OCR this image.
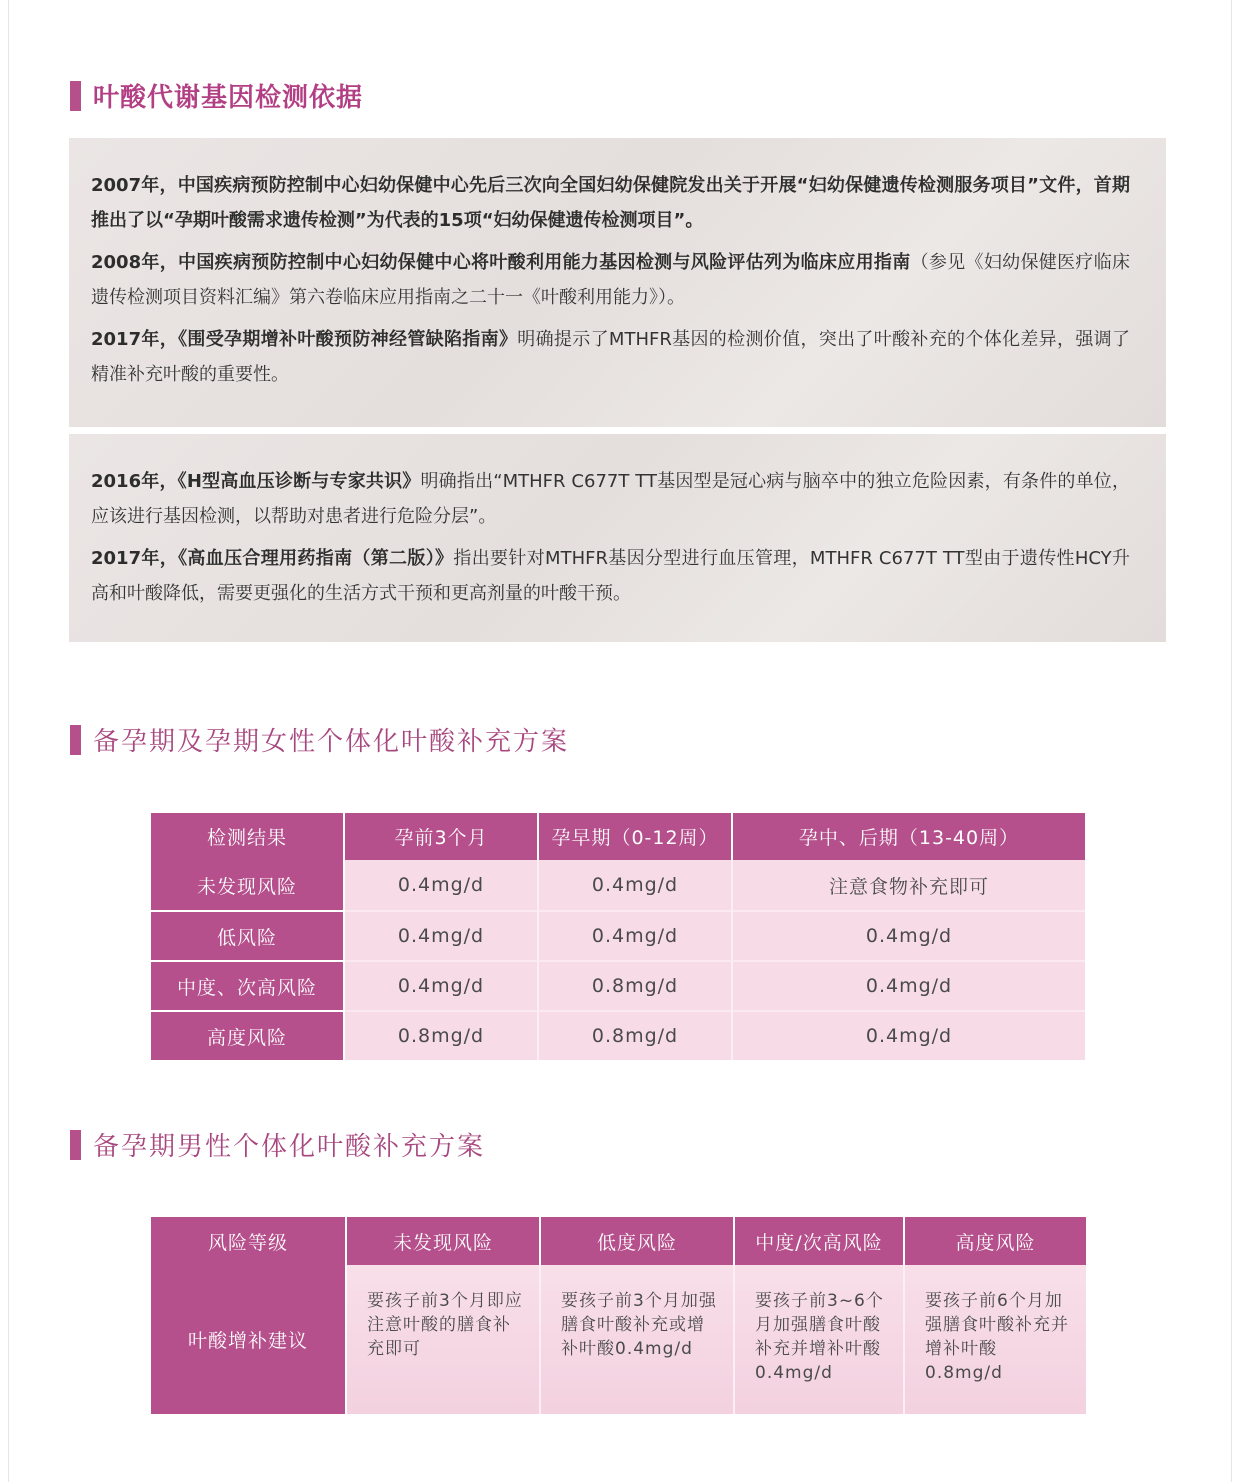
叶酸代谢基因检测依据

2007年，中国疾病预防控制中心妇幼保健中心先后三次向全国妇幼保健院发出关于开展“妇幼保健遗传检测服务项目”文件，首期推出了以“孕期叶酸需求遗传检测”为代表的15项“妇幼保健遗传检测项目”。

2008年，中国疾病预防控制中心妇幼保健中心将叶酸利用能力基因检测与风险评估列为临床应用指南（参见《妇幼保健医疗临床遗传检测项目资料汇编》第六卷临床应用指南之二十一《叶酸利用能力》）。

2017年，《围受孕期增补叶酸预防神经管缺陷指南》明确提示了MTHFR基因的检测价值，突出了叶酸补充的个体化差异，强调了精准补充叶酸的重要性。

2016年，《H型高血压诊断与专家共识》明确指出“MTHFR C677T TT基因型是冠心病与脑卒中的独立危险因素，有条件的单位，应该进行基因检测，以帮助对患者进行危险分层”。

2017年，《高血压合理用药指南（第二版）》指出要针对MTHFR基因分型进行血压管理，MTHFR C677T TT型由于遗传性HCY升高和叶酸降低，需要更强化的生活方式干预和更高剂量的叶酸干预。

备孕期及孕期女性个体化叶酸补充方案
检测结果	孕前3个月	孕早期（0-12周）	孕中、后期（13-40周）
未发现风险	0.4mg/d	0.4mg/d	注意食物补充即可
低风险	0.4mg/d	0.4mg/d	0.4mg/d
中度、次高风险	0.4mg/d	0.8mg/d	0.4mg/d
高度风险	0.8mg/d	0.8mg/d	0.4mg/d
备孕期男性个体化叶酸补充方案
风险等级	未发现风险	低度风险	中度/次高风险	高度风险
叶酸增补建议	要孩子前3个月即应注意叶酸的膳食补充即可	要孩子前3个月加强膳食叶酸补充或增补叶酸0.4mg/d	要孩子前3~6个月加强膳食叶酸补充并增补叶酸0.4mg/d	要孩子前6个月加强膳食叶酸补充并增补叶酸0.8mg/d
